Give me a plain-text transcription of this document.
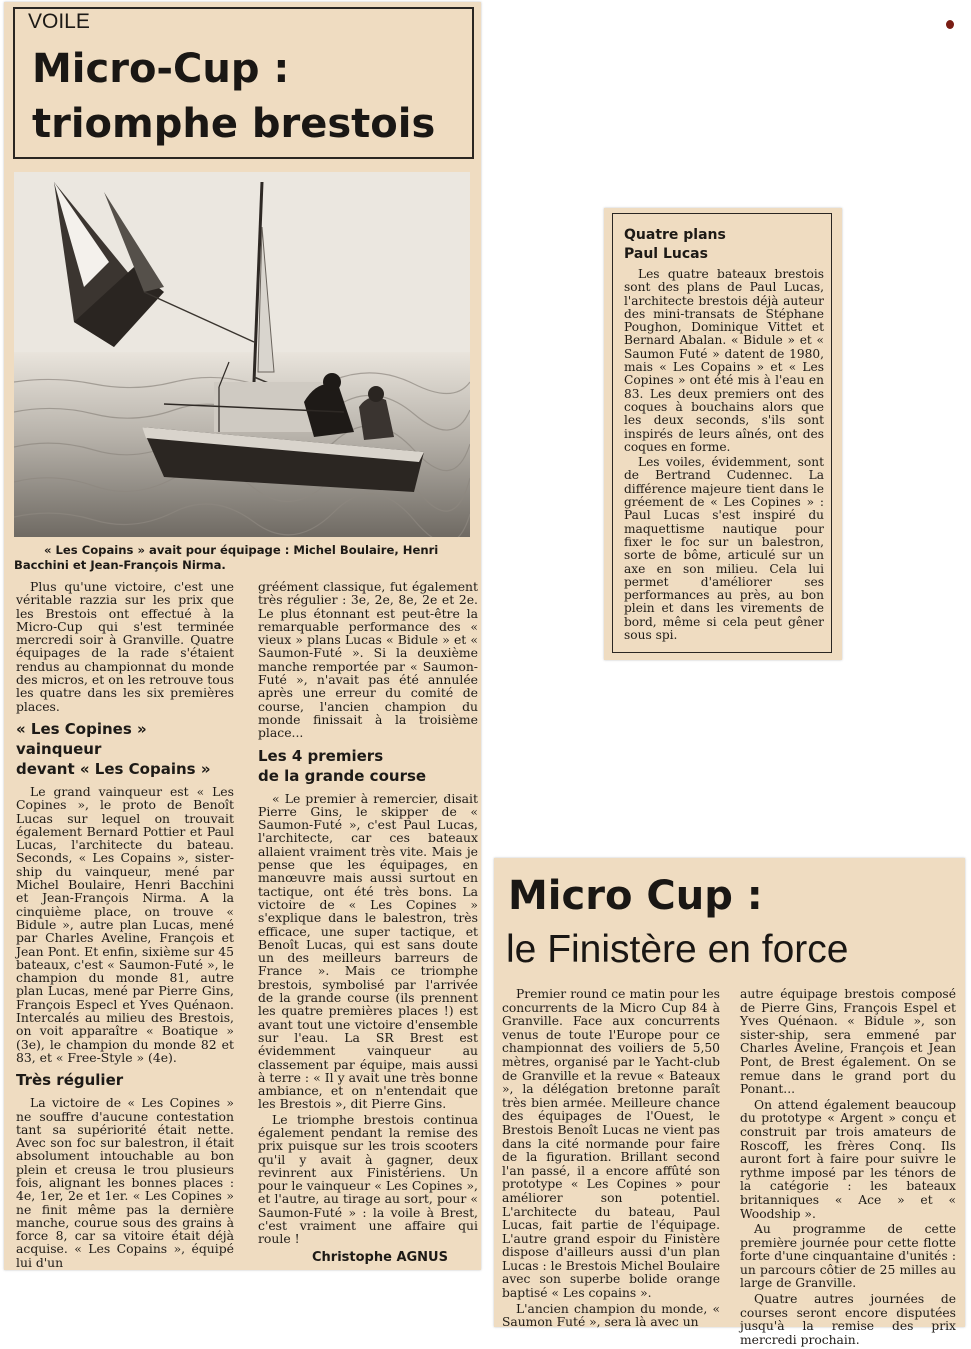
VOILE
Micro-Cup :
triomphe brestois
« Les Copains » avait pour équipage : Michel Boulaire, Henri Bacchini et Jean-François Nirma.

Plus qu'une victoire, c'est une véritable razzia sur les prix que les Brestois ont effectué à la Micro-Cup qui s'est terminée mercredi soir à Granville. Quatre équipages de la rade s'étaient rendus au championnat du monde des micros, et on les retrouve tous les quatre dans les six premières places.

« Les Copines »
vainqueur
devant « Les Copains »

Le grand vainqueur est « Les Copines », le proto de Benoît Lucas sur lequel on trouvait également Bernard Pottier et Paul Lucas, l'architecte du bateau. Seconds, « Les Copains », sister-ship du vainqueur, mené par Michel Boulaire, Henri Bacchini et Jean-François Nirma. A la cinquième place, on trouve « Bidule », autre plan Lucas, mené par Charles Aveline, François et Jean Pont. Et enfin, sixième sur 45 bateaux, c'est « Saumon-Futé », le champion du monde 81, autre plan Lucas, mené par Pierre Gins, François Especl et Yves Quénaon. Intercalés au milieu des Brestois, on voit apparaître « Boatique » (3e), le champion du monde 82 et 83, et « Free-Style » (4e).

Très régulier

La victoire de « Les Copines » ne souffre d'aucune contestation tant sa supériorité était nette. Avec son foc sur balestron, il était absolument intouchable au bon plein et creusa le trou plusieurs fois, alignant les bonnes places : 4e, 1er, 2e et 1er. « Les Copines » ne finit même pas la dernière manche, courue sous des grains à force 8, car sa vitoire était déjà acquise. « Les Copains », équipé lui d'un

gréément classique, fut également très régulier : 3e, 2e, 8e, 2e et 2e. Le plus étonnant est peut-être la remarquable performance des « vieux » plans Lucas « Bidule » et « Saumon-Futé ». Si la deuxième manche remportée par « Saumon-Futé », n'avait pas été annulée après une erreur du comité de course, l'ancien champion du monde finissait à la troisième place...

Les 4 premiers
de la grande course

« Le premier à remercier, disait Pierre Gins, le skipper de « Saumon-Futé », c'est Paul Lucas, l'architecte, car ces bateaux allaient vraiment très vite. Mais je pense que les équipages, en manœuvre mais aussi surtout en tactique, ont été très bons. La victoire de « Les Copines » s'explique dans le balestron, très efficace, une super tactique, et Benoît Lucas, qui est sans doute un des meilleurs barreurs de France ». Mais ce triomphe brestois, symbolisé par l'arrivée de la grande course (ils prennent les quatre premières places !) est avant tout une victoire d'ensemble sur l'eau. La SR Brest est évidemment vainqueur au classement par équipe, mais aussi à terre : « Il y avait une très bonne ambiance, et on n'entendait que les Brestois », dit Pierre Gins.

Le triomphe brestois continua également pendant la remise des prix puisque sur les trois scooters qu'il y avait à gagner, deux revinrent aux Finistériens. Un pour le vainqueur « Les Copines », et l'autre, au tirage au sort, pour « Saumon-Futé » : la voile à Brest, c'est vraiment une affaire qui roule !

Christophe AGNUS
Quatre plans
Paul Lucas

Les quatre bateaux brestois sont des plans de Paul Lucas, l'architecte brestois déjà auteur des mini-transats de Stéphane Poughon, Dominique Vittet et Bernard Abalan. « Bidule » et « Saumon Futé » datent de 1980, mais « Les Copains » et « Les Copines » ont été mis à l'eau en 83. Les deux premiers ont des coques à bouchains alors que les deux seconds, s'ils sont inspirés de leurs aînés, ont des coques en forme.

Les voiles, évidemment, sont de Bertrand Cudennec. La différence majeure tient dans le gréement de « Les Copines » : Paul Lucas s'est inspiré du maquettisme nautique pour fixer le foc sur un balestron, sorte de bôme, articulé sur un axe en son milieu. Cela lui permet d'améliorer ses performances au près, au bon plein et dans les virements de bord, même si cela peut gêner sous spi.

Micro Cup :
le Finistère en force

Premier round ce matin pour les concurrents de la Micro Cup 84 à Granville. Face aux concurrents venus de toute l'Europe pour ce championnat des voiliers de 5,50 mètres, organisé par le Yacht-club de Granville et la revue « Bateaux », la délégation bretonne paraît très bien armée. Meilleure chance des équipages de l'Ouest, le Brestois Benoît Lucas ne vient pas dans la cité normande pour faire de la figuration. Brillant second l'an passé, il a encore affûté son prototype « Les Copines » pour améliorer son potentiel. L'architecte du bateau, Paul Lucas, fait partie de l'équipage. L'autre grand espoir du Finistère dispose d'ailleurs aussi d'un plan Lucas : le Brestois Michel Boulaire avec son superbe bolide orange baptisé « Les copains ».

L'ancien champion du monde, « Saumon Futé », sera là avec un

autre équipage brestois composé de Pierre Gins, François Espel et Yves Quénaon. « Bidule », son sister-ship, sera emmené par Charles Aveline, François et Jean Pont, de Brest également. On se remue dans le grand port du Ponant...

On attend également beaucoup du prototype « Argent » conçu et construit par trois amateurs de Roscoff, les frères Conq. Ils auront fort à faire pour suivre le rythme imposé par les ténors de la catégorie : les bateaux britanniques « Ace » et « Woodship ».

Au programme de cette première journée pour cette flotte forte d'une cinquantaine d'unités : un parcours côtier de 25 milles au large de Granville.

Quatre autres journées de courses seront encore disputées jusqu'à la remise des prix mercredi prochain.
